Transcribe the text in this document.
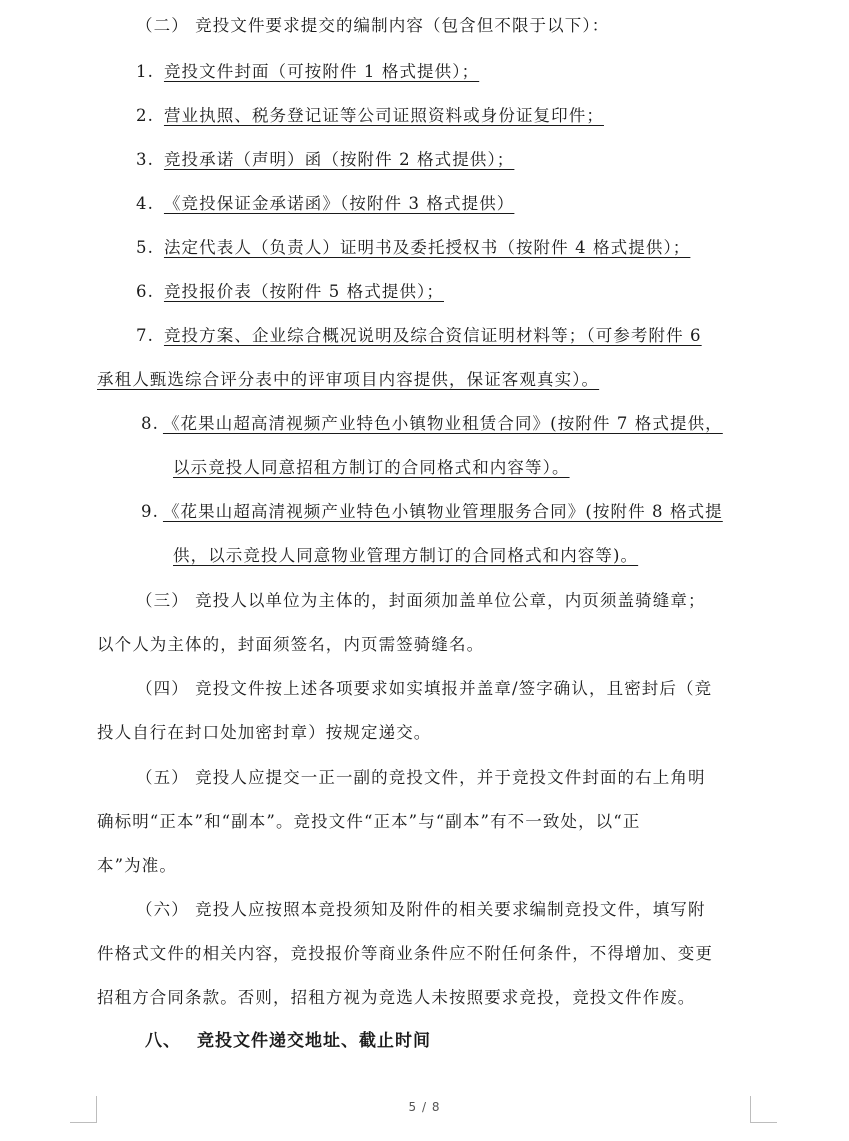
（二） 竞投文件要求提交的编制内容（包含但不限于以下）：
1. 竞投文件封面（可按附件 1 格式提供）；
2. 营业执照、税务登记证等公司证照资料或身份证复印件；
3. 竞投承诺（声明）函（按附件 2 格式提供）；
4. 《竞投保证金承诺函》（按附件 3 格式提供）
5. 法定代表人（负责人）证明书及委托授权书（按附件 4 格式提供）；
6. 竞投报价表（按附件 5 格式提供）；
7. 竞投方案、企业综合概况说明及综合资信证明材料等；（可参考附件 6
承租人甄选综合评分表中的评审项目内容提供，保证客观真实）。
8. 《花果山超高清视频产业特色小镇物业租赁合同》(按附件 7 格式提供，
以示竞投人同意招租方制订的合同格式和内容等）。
9. 《花果山超高清视频产业特色小镇物业管理服务合同》(按附件 8 格式提
供，以示竞投人同意物业管理方制订的合同格式和内容等)。
（三） 竞投人以单位为主体的，封面须加盖单位公章，内页须盖骑缝章；
以个人为主体的，封面须签名，内页需签骑缝名。
（四） 竞投文件按上述各项要求如实填报并盖章/签字确认，且密封后（竞
投人自行在封口处加密封章）按规定递交。
（五） 竞投人应提交一正一副的竞投文件，并于竞投文件封面的右上角明
确标明“正本”和“副本”。竞投文件“正本”与“副本”有不一致处，以“正
本”为准。
（六） 竞投人应按照本竞投须知及附件的相关要求编制竞投文件，填写附
件格式文件的相关内容，竞投报价等商业条件应不附任何条件，不得增加、变更
招租方合同条款。否则，招租方视为竞选人未按照要求竞投，竞投文件作废。
八、 竞投文件递交地址、截止时间
5 / 8
